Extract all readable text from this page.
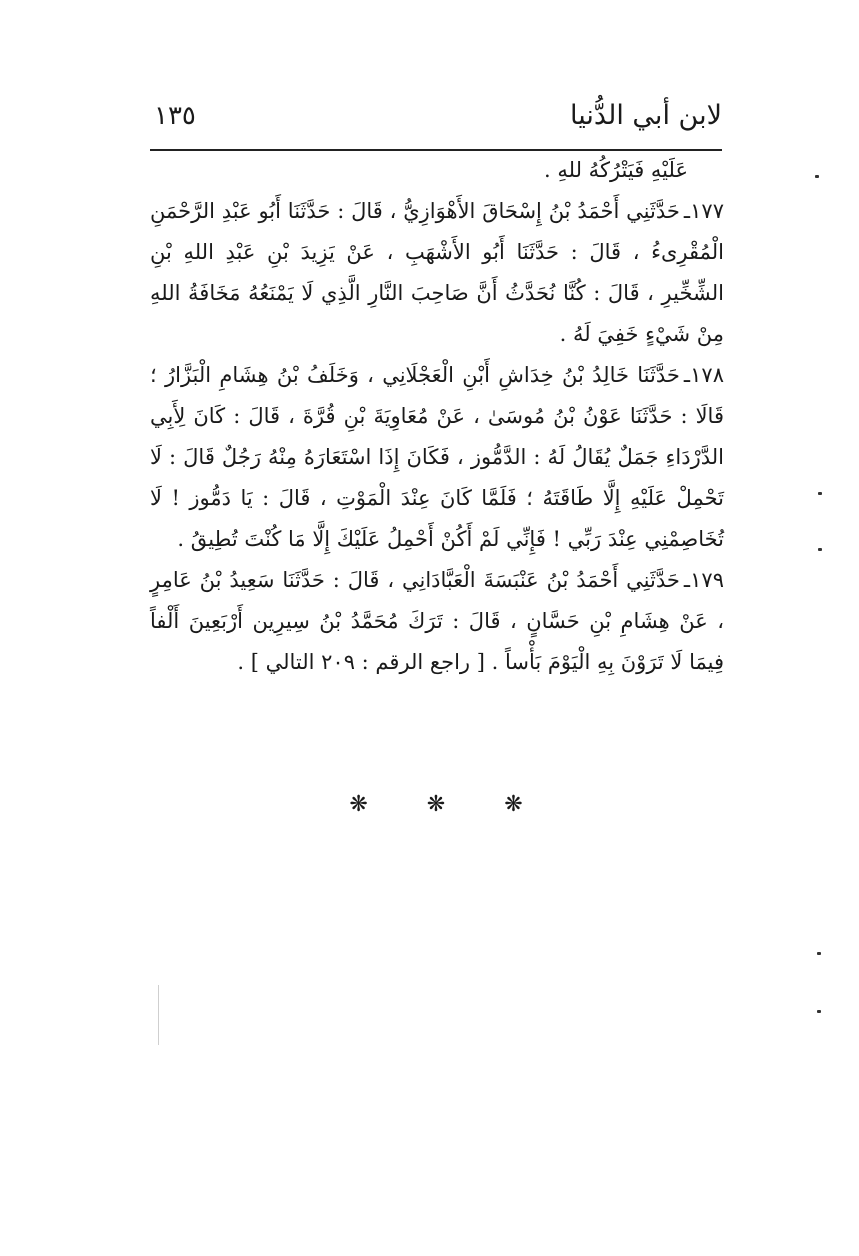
لابن أبي الدُّنيا
١٣٥

عَلَيْهِ فَيَتْرُكُهُ للهِ .

١٧٧ـحَدَّثَنِي أَحْمَدُ بْنُ إِسْحَاقَ الأَهْوَازِيُّ ، قَالَ : حَدَّثَنَا أَبُو عَبْدِ الرَّحْمَنِ الْمُقْرِىءُ ، قَالَ : حَدَّثَنَا أَبُو الأَشْهَبِ ، عَنْ يَزِيدَ بْنِ عَبْدِ اللهِ بْنِ الشِّخِّيرِ ، قَالَ : كُنَّا نُحَدَّثُ أَنَّ صَاحِبَ النَّارِ الَّذِي لَا يَمْنَعُهُ مَخَافَةُ اللهِ مِنْ شَيْءٍ خَفِيَ لَهُ .

١٧٨ـحَدَّثَنَا خَالِدُ بْنُ خِدَاشِ أَبْنِ الْعَجْلَانِي ، وَخَلَفُ بْنُ هِشَامِ الْبَزَّارُ ؛ قَالَا : حَدَّثَنَا عَوْنُ بْنُ مُوسَىٰ ، عَنْ مُعَاوِيَةَ بْنِ قُرَّةَ ، قَالَ : كَانَ لِأَبِي الدَّرْدَاءِ جَمَلٌ يُقَالُ لَهُ : الدَّمُّوز ، فَكَانَ إِذَا اسْتَعَارَهُ مِنْهُ رَجُلٌ قَالَ : لَا تَحْمِلْ عَلَيْهِ إِلَّا طَاقَتَهُ ؛ فَلَمَّا كَانَ عِنْدَ الْمَوْتِ ، قَالَ : يَا دَمُّوز ! لَا تُخَاصِمْنِي عِنْدَ رَبِّي ! فَإِنِّي لَمْ أَكُنْ أَحْمِلُ عَلَيْكَ إِلَّا مَا كُنْتَ تُطِيقُ .

١٧٩ـحَدَّثَنِي أَحْمَدُ بْنُ عَنْبَسَةَ الْعَبَّادَانِي ، قَالَ : حَدَّثَنَا سَعِيدُ بْنُ عَامِرٍ ، عَنْ هِشَامِ بْنِ حَسَّانٍ ، قَالَ : تَرَكَ مُحَمَّدُ بْنُ سِيرِين أَرْبَعِينَ أَلْفاً فِيمَا لَا تَرَوْنَ بِهِ الْيَوْمَ بَأْساً . [ راجع الرقم : ٢٠٩ التالي ] .

❋	❋	❋
